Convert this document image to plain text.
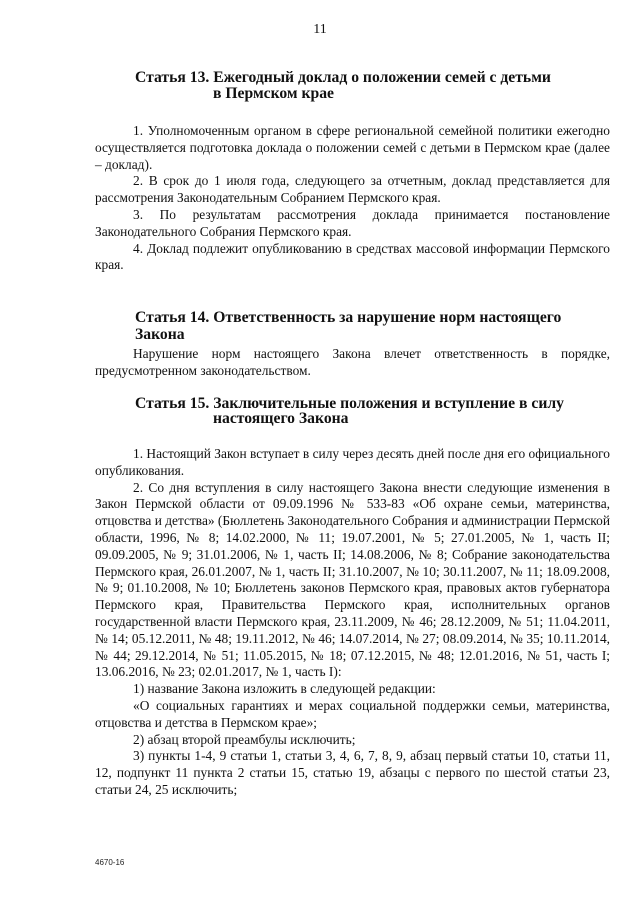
11
Статья 13. Ежегодный доклад о положении семей с детьми
в Пермском крае

1. Уполномоченным органом в сфере региональной семейной политики ежегодно осуществляется подготовка доклада о положении семей с детьми в Пермском крае (далее – доклад).

2. В срок до 1 июля года, следующего за отчетным, доклад представляется для рассмотрения Законодательным Собранием Пермского края.

3. По результатам рассмотрения доклада принимается постановление Законодательного Собрания Пермского края.

4. Доклад подлежит опубликованию в средствах массовой информации Пермского края.

Статья 14. Ответственность за нарушение норм настоящего Закона

Нарушение норм настоящего Закона влечет ответственность в порядке, предусмотренном законодательством.

Статья 15. Заключительные положения и вступление в силу
настоящего Закона

1. Настоящий Закон вступает в силу через десять дней после дня его официального опубликования.

2. Со дня вступления в силу настоящего Закона внести следующие изменения в Закон Пермской области от 09.09.1996 № 533-83 «Об охране семьи, материнства, отцовства и детства» (Бюллетень Законодательного Собрания и администрации Пермской области, 1996, № 8; 14.02.2000, № 11; 19.07.2001, № 5; 27.01.2005, № 1, часть II; 09.09.2005, № 9; 31.01.2006, № 1, часть II; 14.08.2006, № 8; Собрание законодательства Пермского края, 26.01.2007, № 1, часть II; 31.10.2007, № 10; 30.11.2007, № 11; 18.09.2008, № 9; 01.10.2008, № 10; Бюллетень законов Пермского края, правовых актов губернатора Пермского края, Правительства Пермского края, исполнительных органов государственной власти Пермского края, 23.11.2009, № 46; 28.12.2009, № 51; 11.04.2011, № 14; 05.12.2011, № 48; 19.11.2012, № 46; 14.07.2014, № 27; 08.09.2014, № 35; 10.11.2014, № 44; 29.12.2014, № 51; 11.05.2015, № 18; 07.12.2015, № 48; 12.01.2016, № 51, часть I; 13.06.2016, № 23; 02.01.2017, № 1, часть I):

1) название Закона изложить в следующей редакции:

«О социальных гарантиях и мерах социальной поддержки семьи, материнства, отцовства и детства в Пермском крае»;

2) абзац второй преамбулы исключить;

3) пункты 1-4, 9 статьи 1, статьи 3, 4, 6, 7, 8, 9, абзац первый статьи 10, статьи 11, 12, подпункт 11 пункта 2 статьи 15, статью 19, абзацы с первого по шестой статьи 23, статьи 24, 25 исключить;

4670-16
